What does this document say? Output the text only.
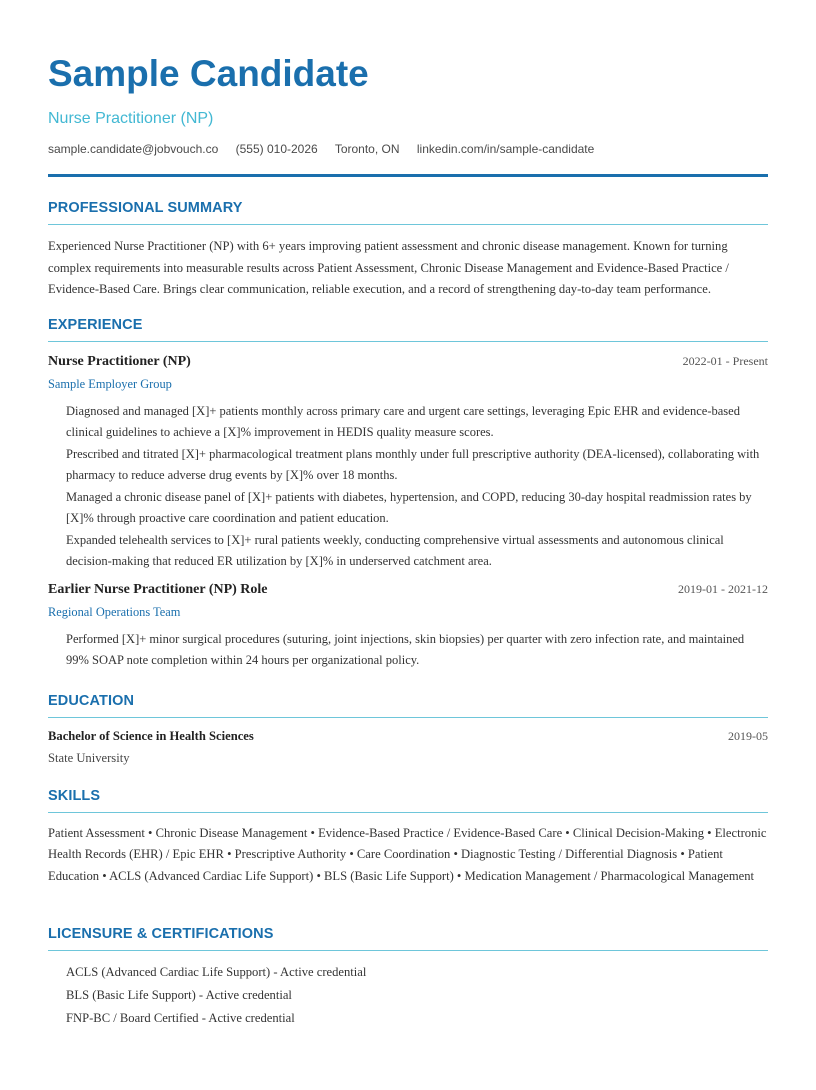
Sample Candidate
Nurse Practitioner (NP)
sample.candidate@jobvouch.co (555) 010-2026 Toronto, ON linkedin.com/in/sample-candidate
PROFESSIONAL SUMMARY
Experienced Nurse Practitioner (NP) with 6+ years improving patient assessment and chronic disease management. Known for turning complex requirements into measurable results across Patient Assessment, Chronic Disease Management and Evidence-Based Practice / Evidence-Based Care. Brings clear communication, reliable execution, and a record of strengthening day-to-day team performance.
EXPERIENCE
Nurse Practitioner (NP)	2022-01 - Present
Sample Employer Group
Diagnosed and managed [X]+ patients monthly across primary care and urgent care settings, leveraging Epic EHR and evidence-based clinical guidelines to achieve a [X]% improvement in HEDIS quality measure scores.
Prescribed and titrated [X]+ pharmacological treatment plans monthly under full prescriptive authority (DEA-licensed), collaborating with pharmacy to reduce adverse drug events by [X]% over 18 months.
Managed a chronic disease panel of [X]+ patients with diabetes, hypertension, and COPD, reducing 30-day hospital readmission rates by [X]% through proactive care coordination and patient education.
Expanded telehealth services to [X]+ rural patients weekly, conducting comprehensive virtual assessments and autonomous clinical decision-making that reduced ER utilization by [X]% in underserved catchment area.
Earlier Nurse Practitioner (NP) Role	2019-01 - 2021-12
Regional Operations Team
Performed [X]+ minor surgical procedures (suturing, joint injections, skin biopsies) per quarter with zero infection rate, and maintained 99% SOAP note completion within 24 hours per organizational policy.
EDUCATION
Bachelor of Science in Health Sciences	2019-05
State University
SKILLS
Patient Assessment • Chronic Disease Management • Evidence-Based Practice / Evidence-Based Care • Clinical Decision-Making • Electronic Health Records (EHR) / Epic EHR • Prescriptive Authority • Care Coordination • Diagnostic Testing / Differential Diagnosis • Patient Education • ACLS (Advanced Cardiac Life Support) • BLS (Basic Life Support) • Medication Management / Pharmacological Management
LICENSURE & CERTIFICATIONS
ACLS (Advanced Cardiac Life Support) - Active credential
BLS (Basic Life Support) - Active credential
FNP-BC / Board Certified - Active credential
